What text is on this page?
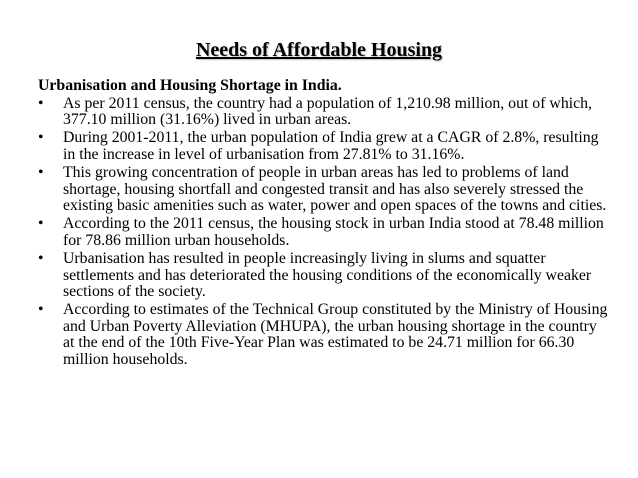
Needs of Affordable Housing
Urbanisation and Housing Shortage in India.
•	As per 2011 census, the country had a population of 1,210.98 million, out of which, 377.10 million (31.16%) lived in urban areas.
•	During 2001-2011, the urban population of India grew at a CAGR of 2.8%, resulting in the increase in level of urbanisation from 27.81% to 31.16%.
•	This growing concentration of people in urban areas has led to problems of land shortage, housing shortfall and congested transit and has also severely stressed the existing basic amenities such as water, power and open spaces of the towns and cities.
•	According to the 2011 census, the housing stock in urban India stood at 78.48 million for 78.86 million urban households.
•	Urbanisation has resulted in people increasingly living in slums and squatter settlements and has deteriorated the housing conditions of the economically weaker sections of the society.
•	According to estimates of the Technical Group constituted by the Ministry of Housing and Urban Poverty Alleviation (MHUPA), the urban housing shortage in the country at the end of the 10th Five-Year Plan was estimated to be 24.71 million for 66.30 million households.
